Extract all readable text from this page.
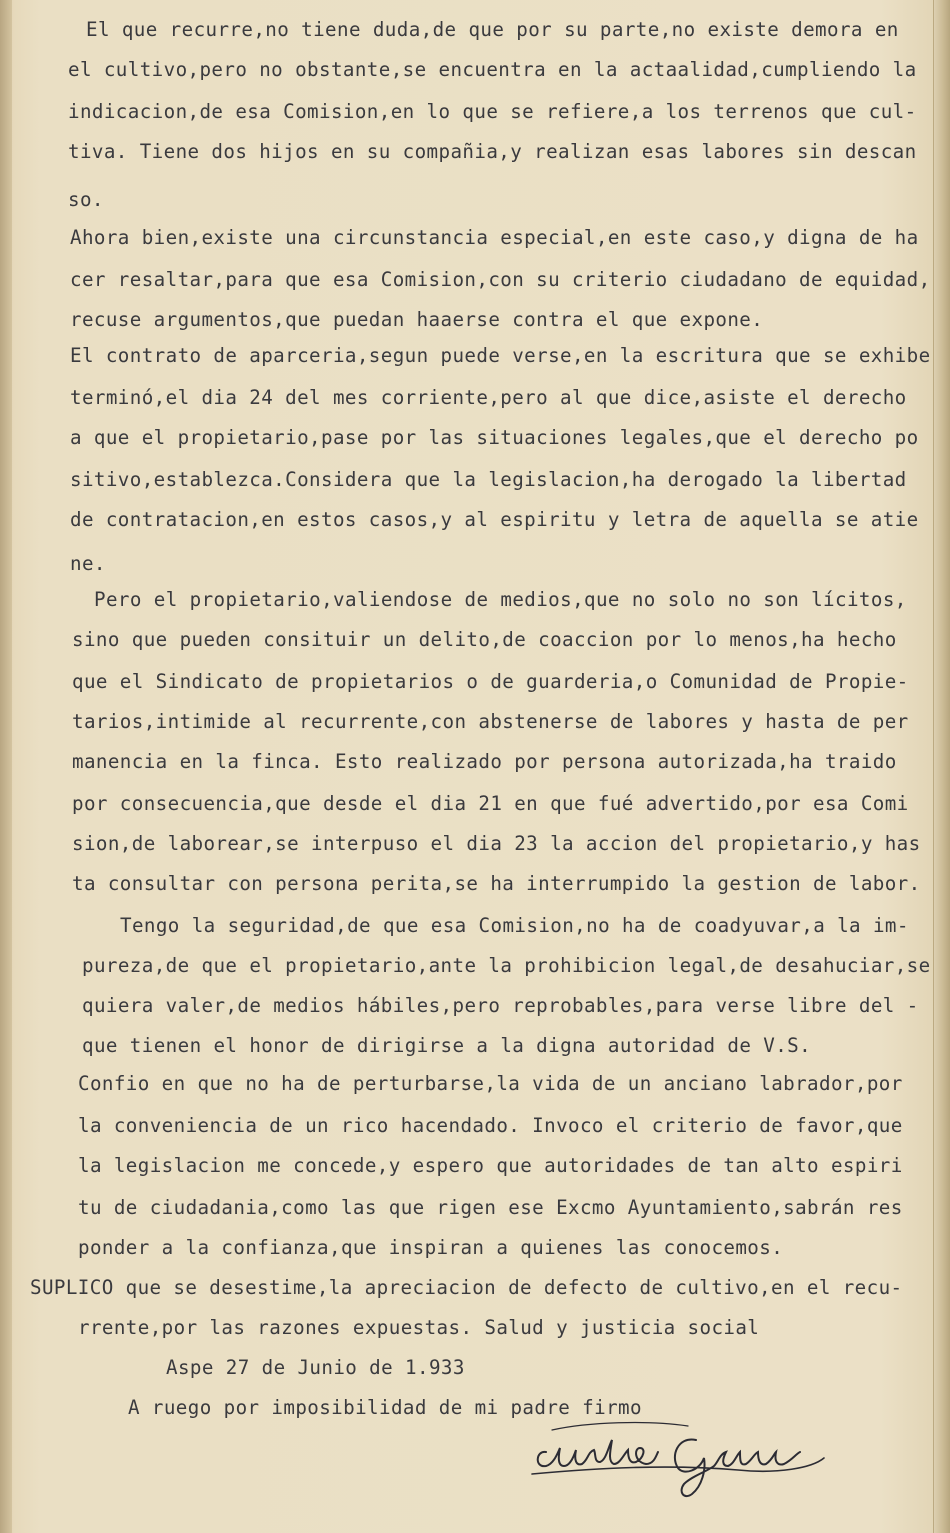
El que recurre,no tiene duda,de que por su parte,no existe demora en
el cultivo,pero no obstante,se encuentra en la actaalidad,cumpliendo la
indicacion,de esa Comision,en lo que se refiere,a los terrenos que cul-
tiva. Tiene dos hijos en su compañia,y realizan esas labores sin descan
so.
Ahora bien,existe una circunstancia especial,en este caso,y digna de ha
cer resaltar,para que esa Comision,con su criterio ciudadano de equidad,
recuse argumentos,que puedan haaerse contra el que expone.
El contrato de aparceria,segun puede verse,en la escritura que se exhibe
terminó,el dia 24 del mes corriente,pero al que dice,asiste el derecho
a que el propietario,pase por las situaciones legales,que el derecho po
sitivo,establezca.Considera que la legislacion,ha derogado la libertad
de contratacion,en estos casos,y al espiritu y letra de aquella se atie
ne.
Pero el propietario,valiendose de medios,que no solo no son lícitos,
sino que pueden consituir un delito,de coaccion por lo menos,ha hecho
que el Sindicato de propietarios o de guarderia,o Comunidad de Propie-
tarios,intimide al recurrente,con abstenerse de labores y hasta de per
manencia en la finca. Esto realizado por persona autorizada,ha traido
por consecuencia,que desde el dia 21 en que fué advertido,por esa Comi
sion,de laborear,se interpuso el dia 23 la accion del propietario,y has
ta consultar con persona perita,se ha interrumpido la gestion de labor.
Tengo la seguridad,de que esa Comision,no ha de coadyuvar,a la im-
pureza,de que el propietario,ante la prohibicion legal,de desahuciar,se
quiera valer,de medios hábiles,pero reprobables,para verse libre del -
que tienen el honor de dirigirse a la digna autoridad de V.S.
Confio en que no ha de perturbarse,la vida de un anciano labrador,por
la conveniencia de un rico hacendado. Invoco el criterio de favor,que
la legislacion me concede,y espero que autoridades de tan alto espiri
tu de ciudadania,como las que rigen ese Excmo Ayuntamiento,sabrán res
ponder a la confianza,que inspiran a quienes las conocemos.
SUPLICO que se desestime,la apreciacion de defecto de cultivo,en el recu-
rrente,por las razones expuestas. Salud y justicia social
Aspe 27 de Junio de 1.933
A ruego por imposibilidad de mi padre firmo
